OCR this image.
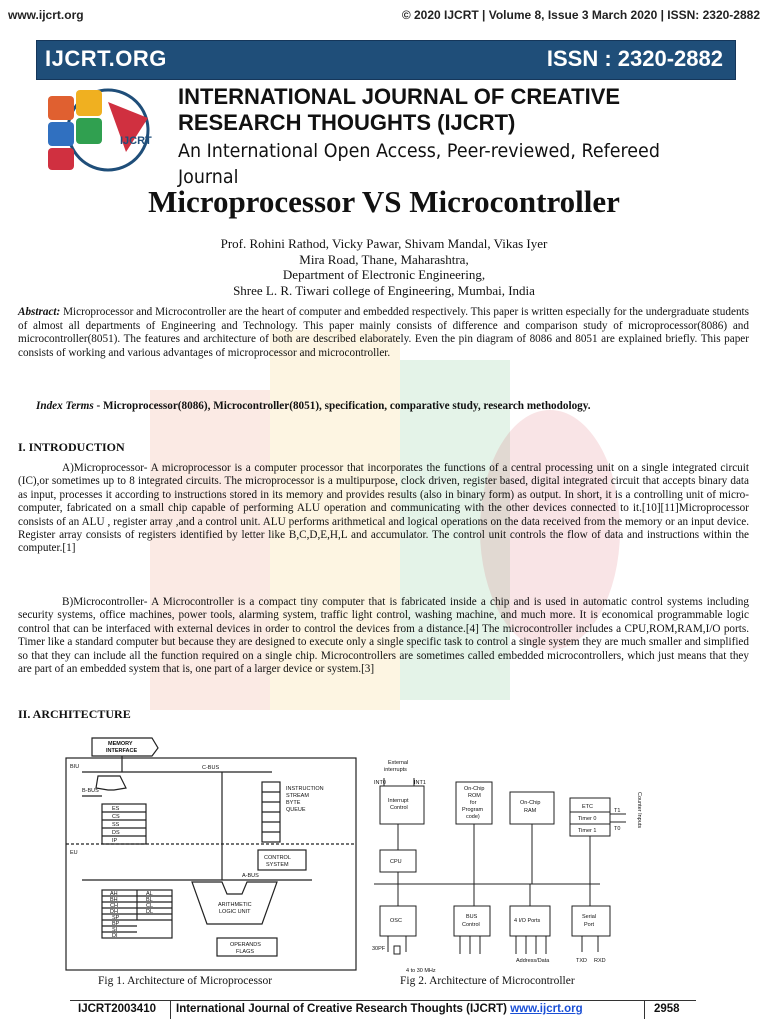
www.ijcrt.org	© 2020 IJCRT | Volume 8, Issue 3 March 2020 | ISSN: 2320-2882
IJCRT.ORG	ISSN : 2320-2882
IJCRT
INTERNATIONAL JOURNAL OF CREATIVE
RESEARCH THOUGHTS (IJCRT)
An International Open Access, Peer-reviewed, Refereed Journal
Microprocessor VS Microcontroller
Prof. Rohini Rathod, Vicky Pawar, Shivam Mandal, Vikas Iyer
Mira Road, Thane, Maharashtra,
Department of Electronic Engineering,
Shree L. R. Tiwari college of Engineering, Mumbai, India
Abstract: Microprocessor and Microcontroller are the heart of computer and embedded respectively. This paper is written especially for the undergraduate students of almost all departments of Engineering and Technology. This paper mainly consists of difference and comparison study of microprocessor(8086) and microcontroller(8051). The features and architecture of both are described elaborately. Even the pin diagram of 8086 and 8051 are explained briefly. This paper consists of working and various advantages of microprocessor and microcontroller.
Index Terms - Microprocessor(8086), Microcontroller(8051), specification, comparative study, research methodology.
I. INTRODUCTION
A)Microprocessor- A microprocessor is a computer processor that incorporates the functions of a central processing unit on a single integrated circuit (IC),or sometimes up to 8 integrated circuits. The microprocessor is a multipurpose, clock driven, register based, digital integrated circuit that accepts binary data as input, processes it according to instructions stored in its memory and provides results (also in binary form) as output. In short, it is a controlling unit of micro-computer, fabricated on a small chip capable of performing ALU operation and communicating with the other devices connected to it.[10][11]Microprocessor consists of an ALU , register array ,and a control unit. ALU performs arithmetical and logical operations on the data received from the memory or an input device. Register array consists of registers identified by letter like B,C,D,E,H,L and accumulator. The control unit controls the flow of data and instructions within the computer.[1]
B)Microcontroller- A Microcontroller is a compact tiny computer that is fabricated inside a chip and is used in automatic control systems including security systems, office machines, power tools, alarming system, traffic light control, washing machine, and much more. It is economical programmable logic control that can be interfaced with external devices in order to control the devices from a distance.[4] The microcontroller includes a CPU,ROM,RAM,I/O ports. Timer like a standard computer but because they are designed to execute only a single specific task to control a single system they are much smaller and simplified so that they can include all the function required on a single chip. Microcontrollers are sometimes called embedded microcontrollers, which just means that they are part of an embedded system that is, one part of a larger device or system.[3]
II. ARCHITECTURE
MEMORY
INTERFACE
BIU	C-BUS
B-BUS	INSTRUCTION
STREAM
BYTE
QUEUE
ES
CS
SS
DS
IP
CONTROL
SYSTEM
EU
A-BUS
AH
BH
CH
DH
SP
BP
SI
DI
AL
BL
CL
DL
ARITHMETIC
LOGIC UNIT
OPERANDS
FLAGS
External
interrupts
INT0	INT1
Interrupt
Control
On-Chip
ROM
for
Program
code)
On-Chip
RAM
ETC
Timer 0
Timer 1
T1
T0
Counter Inputs
CPU
OSC
BUS
Control
4 I/O Ports
Serial
Port
TXD RXD
Address/Data
4 to 30 MHz
30PF
Fig 1. Architecture of Microprocessor	Fig 2. Architecture of Microcontroller
IJCRT2003410 International Journal of Creative Research Thoughts (IJCRT) www.ijcrt.org	2958
